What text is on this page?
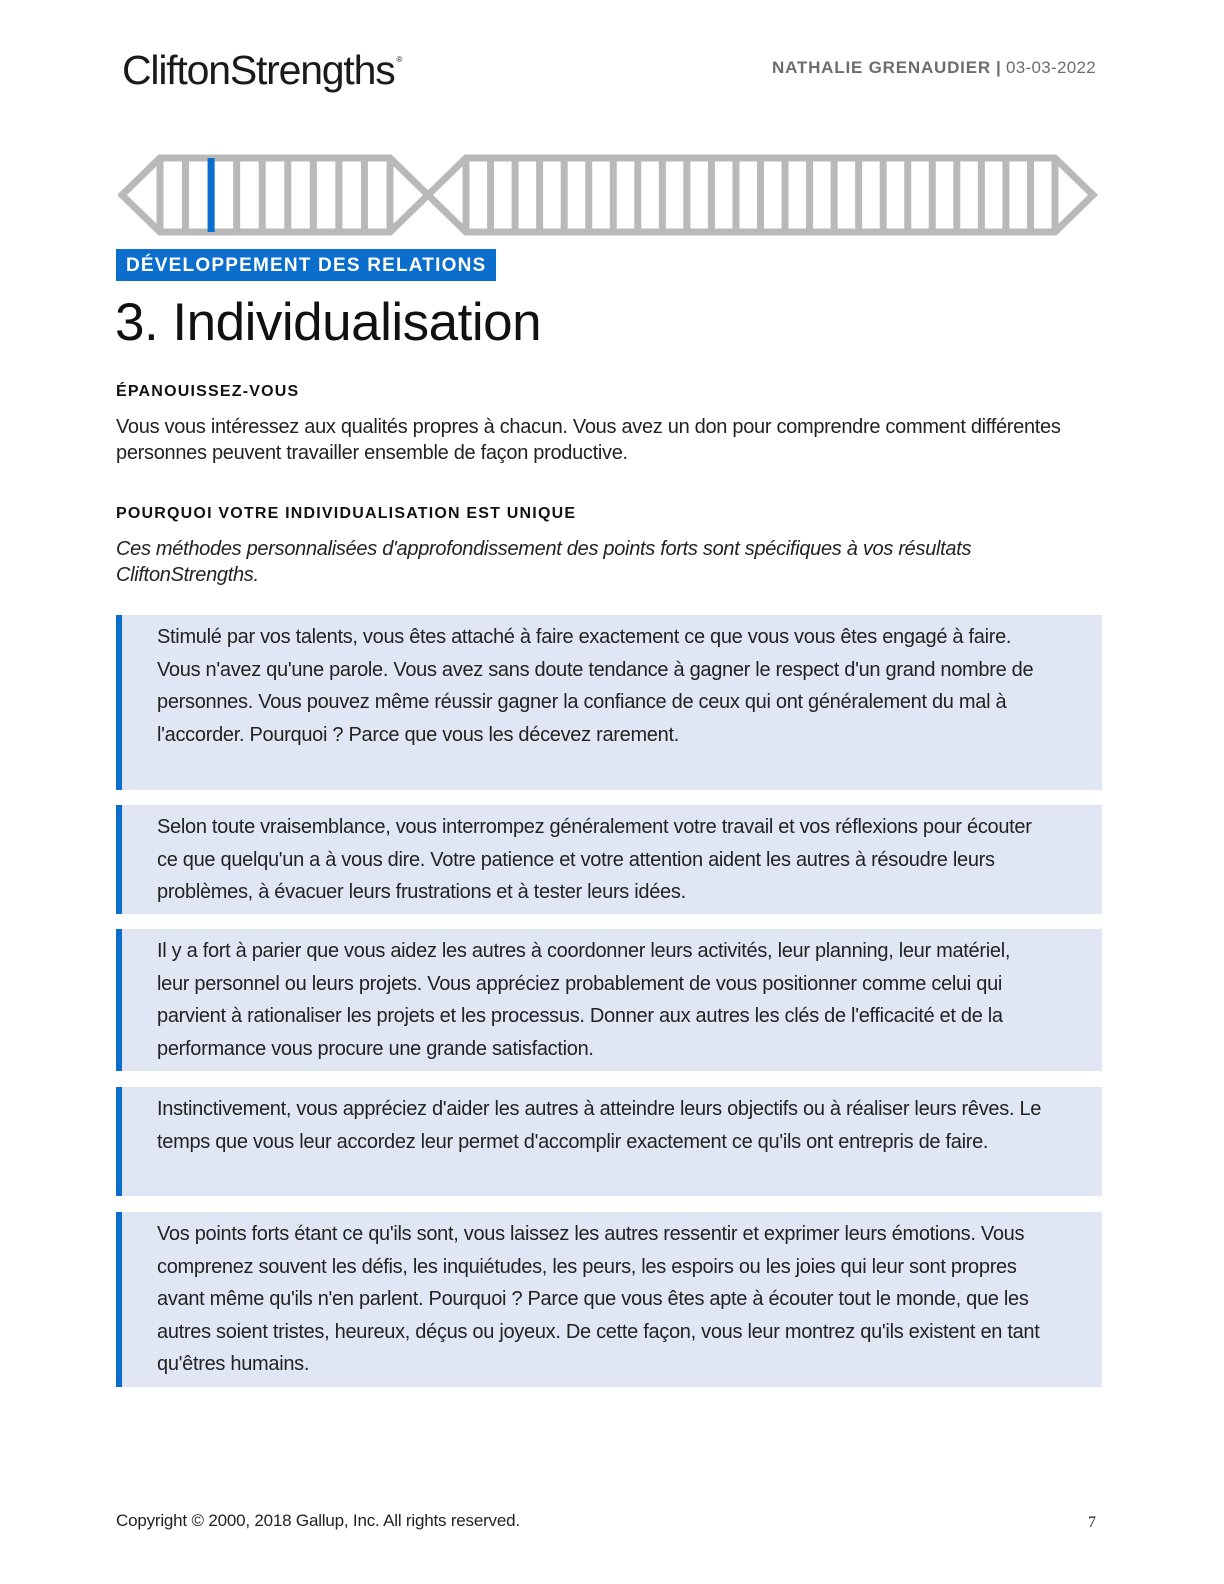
CliftonStrengths ®	NATHALIE GRENAUDIER | 03-03-2022
DÉVELOPPEMENT DES RELATIONS
3. Individualisation
ÉPANOUISSEZ-VOUS

Vous vous intéressez aux qualités propres à chacun. Vous avez un don pour comprendre comment différentes personnes peuvent travailler ensemble de façon productive.

POURQUOI VOTRE INDIVIDUALISATION EST UNIQUE

Ces méthodes personnalisées d'approfondissement des points forts sont spécifiques à vos résultats CliftonStrengths.

Stimulé par vos talents, vous êtes attaché à faire exactement ce que vous vous êtes engagé à faire. Vous n'avez qu'une parole. Vous avez sans doute tendance à gagner le respect d'un grand nombre de personnes. Vous pouvez même réussir gagner la confiance de ceux qui ont généralement du mal à l'accorder. Pourquoi ? Parce que vous les décevez rarement.
Selon toute vraisemblance, vous interrompez généralement votre travail et vos réflexions pour écouter ce que quelqu'un a à vous dire. Votre patience et votre attention aident les autres à résoudre leurs problèmes, à évacuer leurs frustrations et à tester leurs idées.
Il y a fort à parier que vous aidez les autres à coordonner leurs activités, leur planning, leur matériel, leur personnel ou leurs projets. Vous appréciez probablement de vous positionner comme celui qui parvient à rationaliser les projets et les processus. Donner aux autres les clés de l'efficacité et de la performance vous procure une grande satisfaction.
Instinctivement, vous appréciez d'aider les autres à atteindre leurs objectifs ou à réaliser leurs rêves. Le temps que vous leur accordez leur permet d'accomplir exactement ce qu'ils ont entrepris de faire.
Vos points forts étant ce qu'ils sont, vous laissez les autres ressentir et exprimer leurs émotions. Vous comprenez souvent les défis, les inquiétudes, les peurs, les espoirs ou les joies qui leur sont propres avant même qu'ils n'en parlent. Pourquoi ? Parce que vous êtes apte à écouter tout le monde, que les autres soient tristes, heureux, déçus ou joyeux. De cette façon, vous leur montrez qu'ils existent en tant qu'êtres humains.
Copyright © 2000, 2018 Gallup, Inc. All rights reserved.	7
